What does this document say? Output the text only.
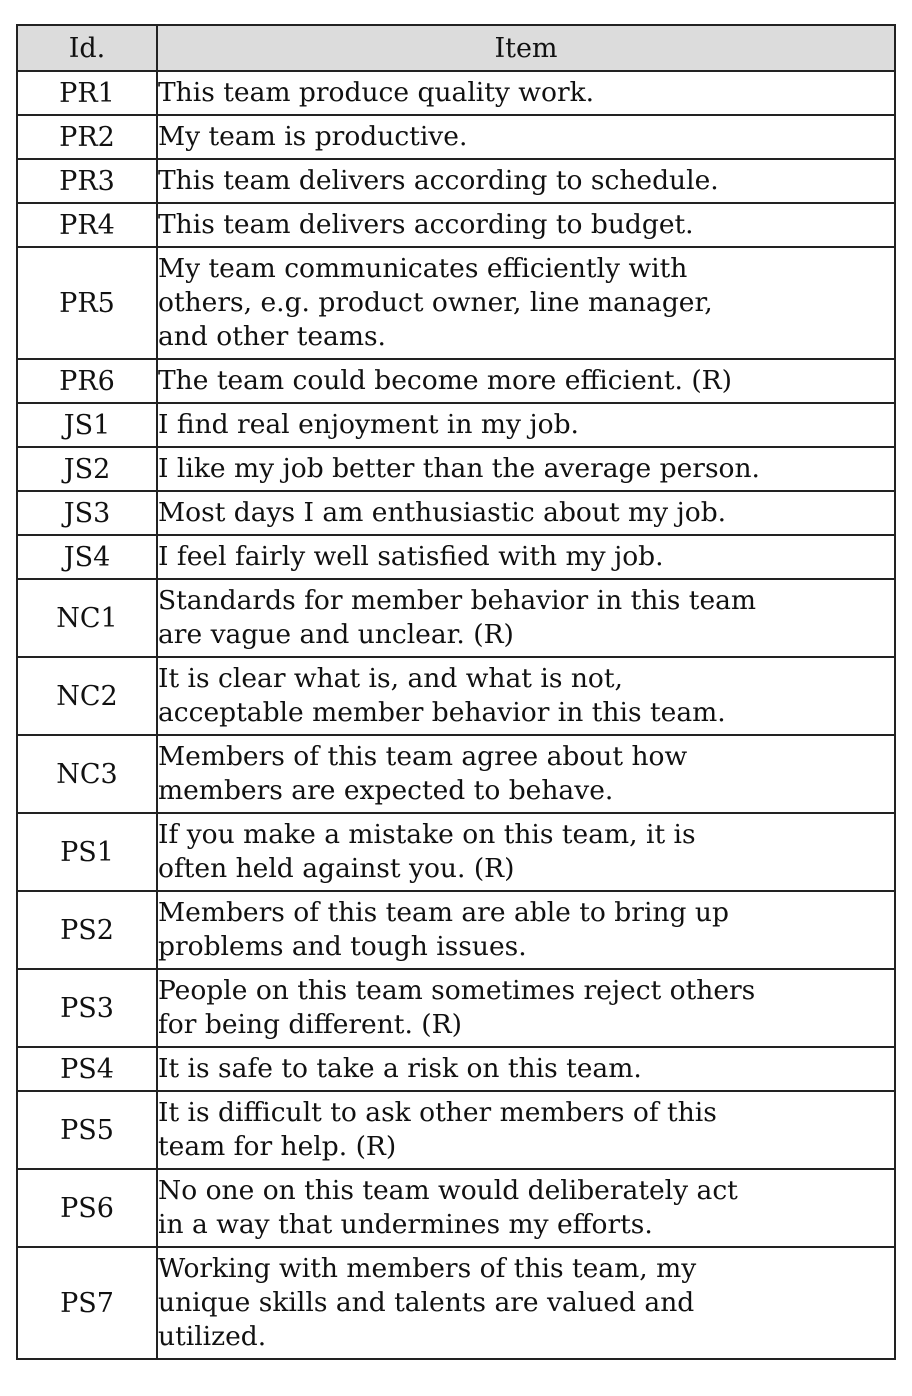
Id.	Item
PR1	This team produce quality work.
PR2	My team is productive.
PR3	This team delivers according to schedule.
PR4	This team delivers according to budget.
PR5	My team communicates efficiently with
others, e.g. product owner, line manager,
and other teams.
PR6	The team could become more efficient. (R)
JS1	I find real enjoyment in my job.
JS2	I like my job better than the average person.
JS3	Most days I am enthusiastic about my job.
JS4	I feel fairly well satisfied with my job.
NC1	Standards for member behavior in this team
are vague and unclear. (R)
NC2	It is clear what is, and what is not,
acceptable member behavior in this team.
NC3	Members of this team agree about how
members are expected to behave.
PS1	If you make a mistake on this team, it is
often held against you. (R)
PS2	Members of this team are able to bring up
problems and tough issues.
PS3	People on this team sometimes reject others
for being different. (R)
PS4	It is safe to take a risk on this team.
PS5	It is difficult to ask other members of this
team for help. (R)
PS6	No one on this team would deliberately act
in a way that undermines my efforts.
PS7	Working with members of this team, my
unique skills and talents are valued and
utilized.
